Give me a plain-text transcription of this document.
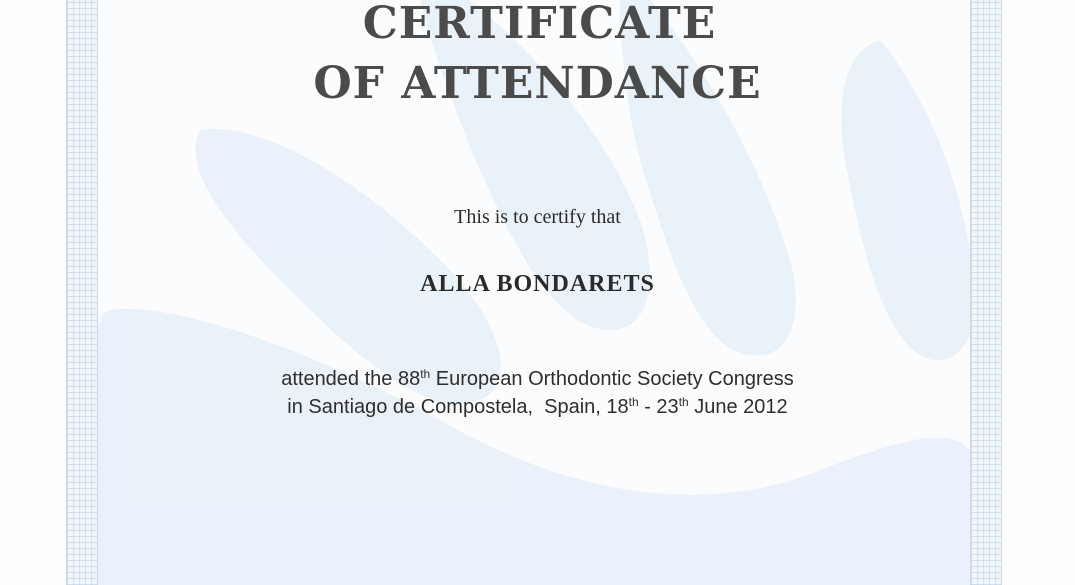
CERTIFICATE
OF ATTENDANCE
This is to certify that
ALLA BONDARETS
attended the 88th European Orthodontic Society Congress
in Santiago de Compostela,  Spain, 18th - 23th June 2012
